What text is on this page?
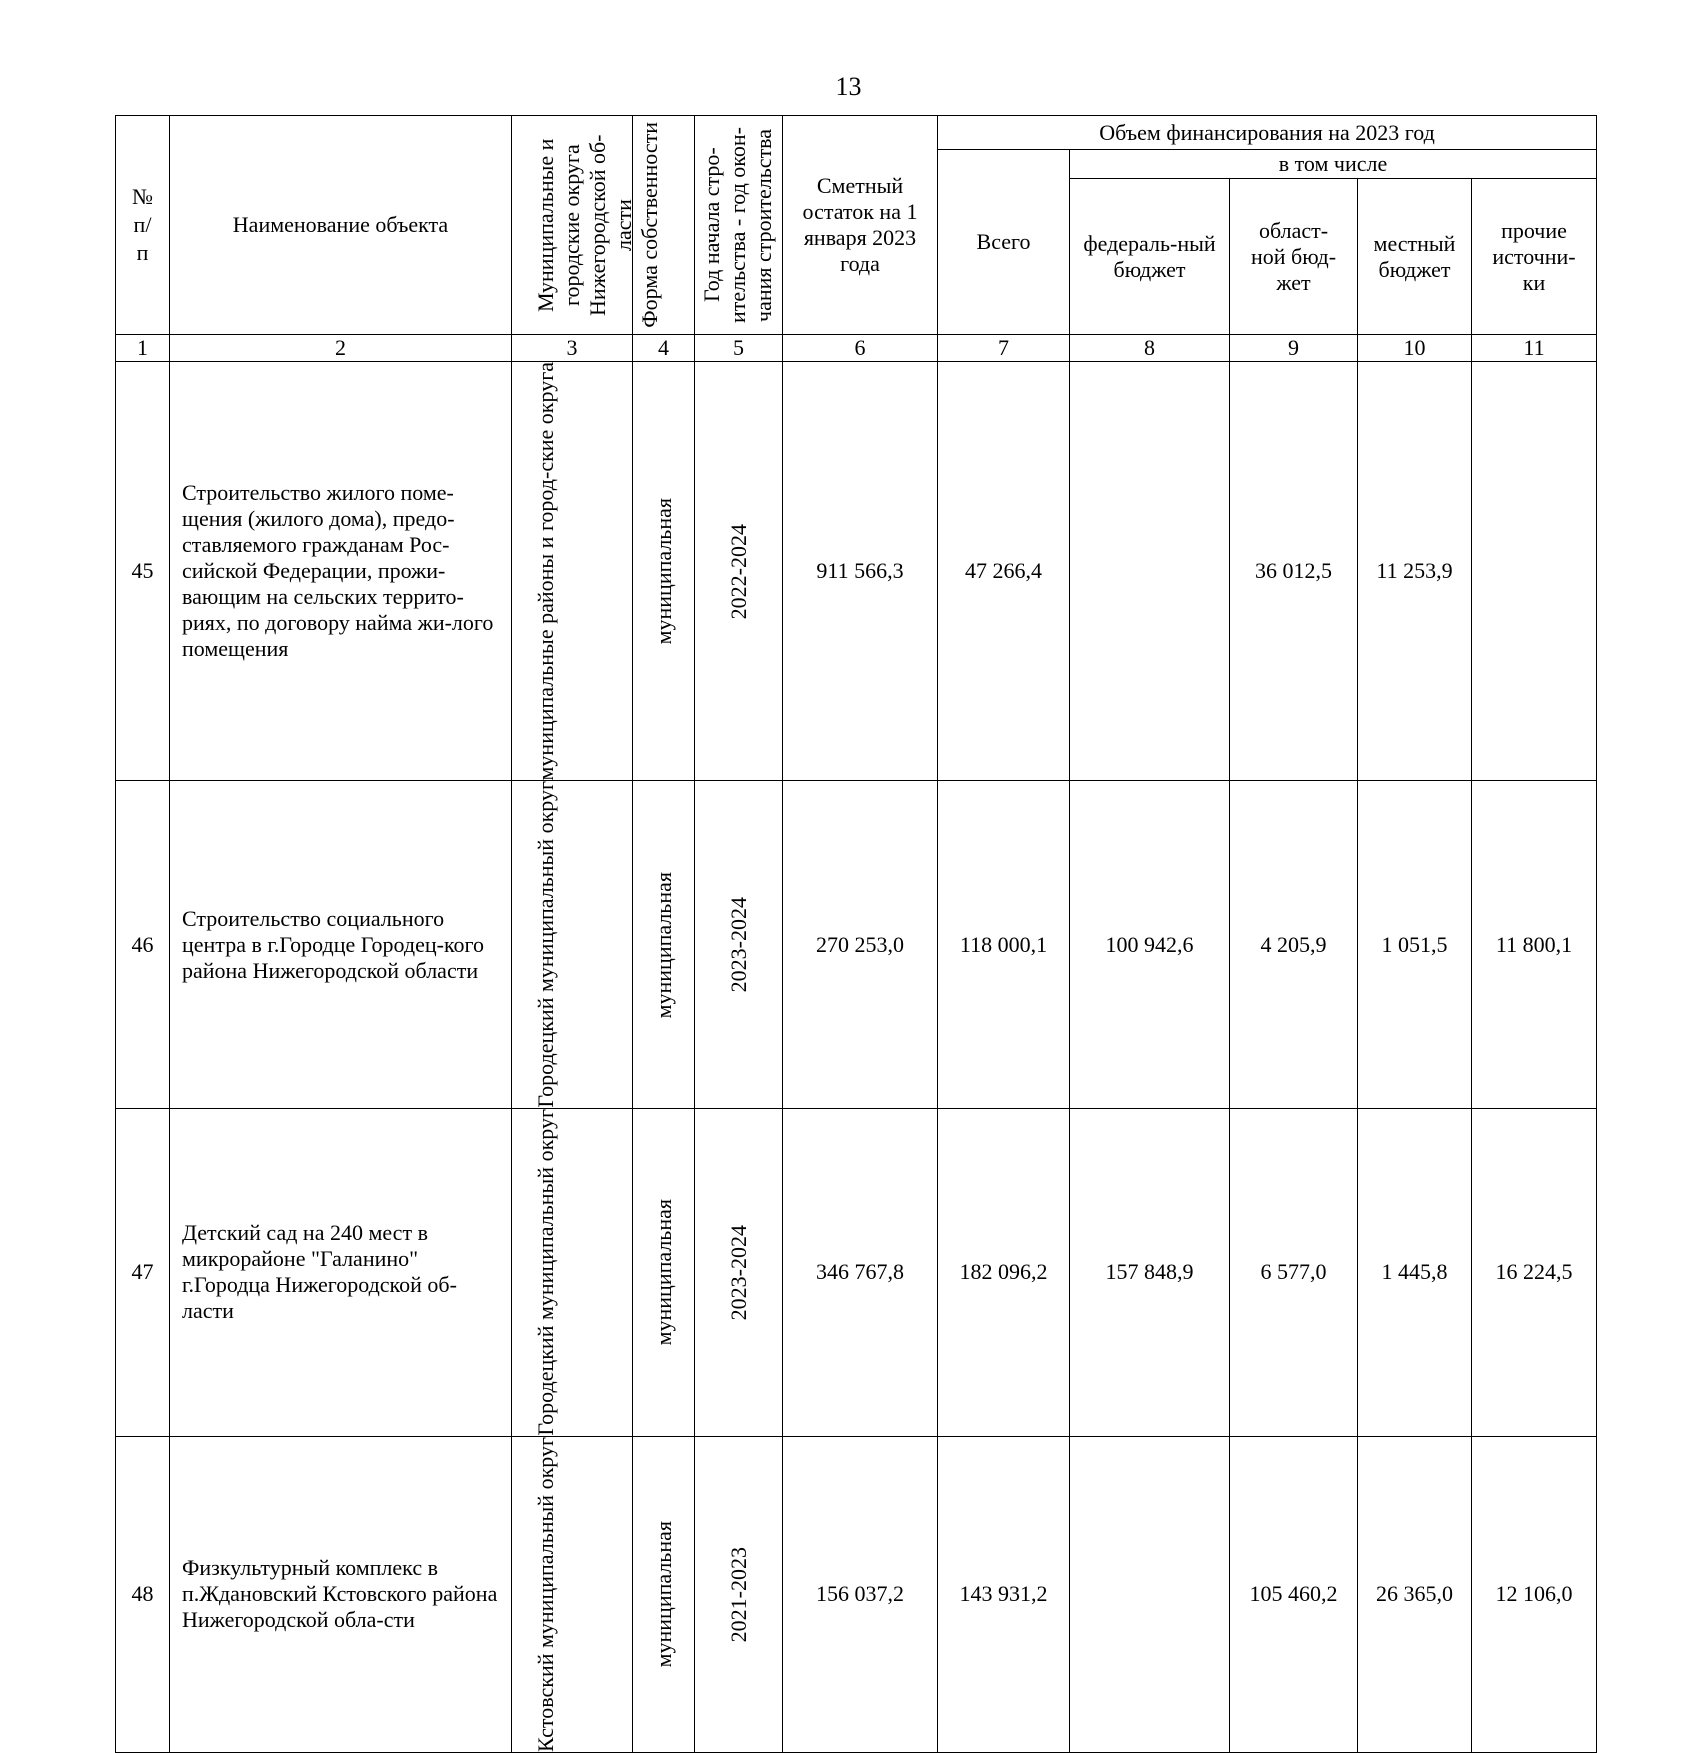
13
№
п/
п	Наименование объекта	Муниципальные и городские округа Нижегородской об-ласти	Форма собственности	Год начала стро-ительства - год окон-чания строительства	Сметный остаток на 1 января 2023 года	Объем финансирования на 2023 год				
						Всего	в том числе			
							федераль-ный бюджет	област-ной бюд-жет	местный бюджет	прочие источни-ки
1	2	3	4	5	6	7	8	9	10	11
45	Строительство жилого поме-щения (жилого дома), предо-ставляемого гражданам Рос-сийской Федерации, прожи-вающим на сельских террито-риях, по договору найма жи-лого помещения	муниципальные районы и город-ские округа	муниципальная	2022-2024	911 566,3	47 266,4		36 012,5	11 253,9	
46	Строительство социального центра в г.Городце Городец-кого района Нижегородской области	Городецкий муниципальный округ	муниципальная	2023-2024	270 253,0	118 000,1	100 942,6	4 205,9	1 051,5	11 800,1
47	Детский сад на 240 мест в микрорайоне "Галанино" г.Городца Нижегородской об-ласти	Городецкий муниципальный округ	муниципальная	2023-2024	346 767,8	182 096,2	157 848,9	6 577,0	1 445,8	16 224,5
48	Физкультурный комплекс в п.Ждановский Кстовского района Нижегородской обла-сти	Кстовский муниципальный округ	муниципальная	2021-2023	156 037,2	143 931,2		105 460,2	26 365,0	12 106,0
